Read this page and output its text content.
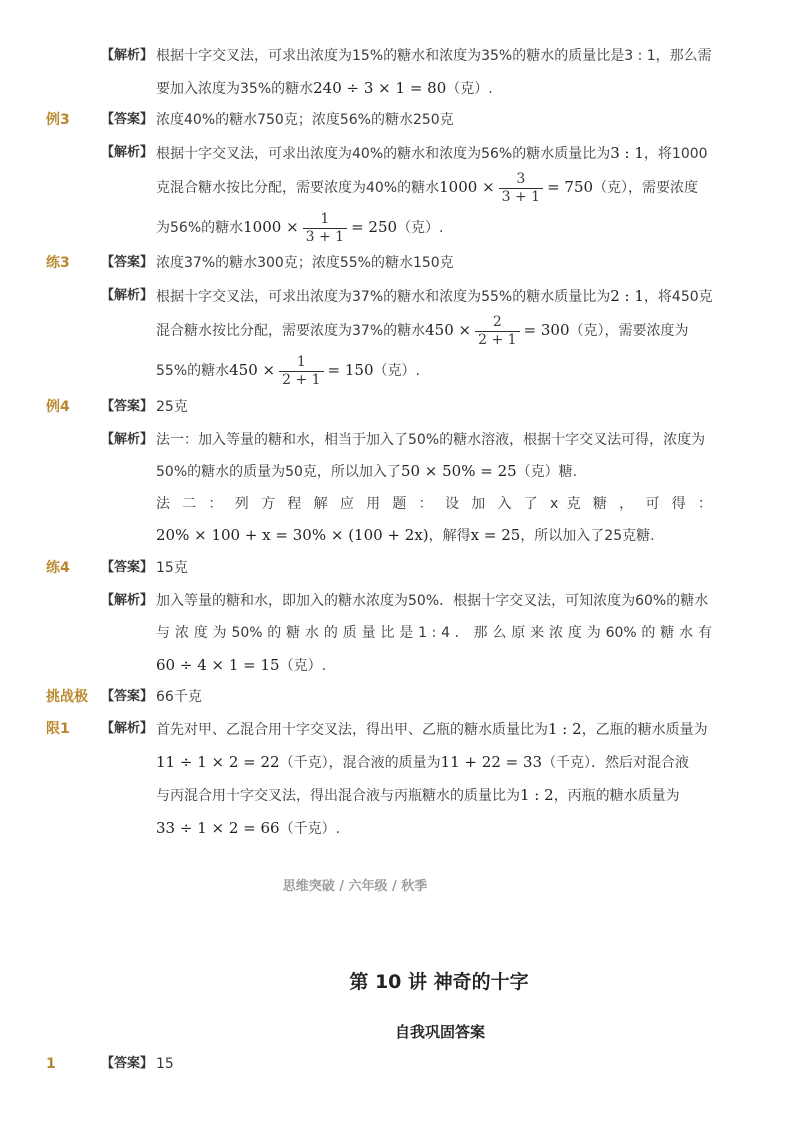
【解析】 根据十字交叉法，可求出浓度为15%的糖水和浓度为35%的糖水的质量比是3 : 1，那么需
要加入浓度为35%的糖水240 ÷ 3 × 1 = 80（克）.
例3 【答案】 浓度40%的糖水750克；浓度56%的糖水250克
【解析】 根据十字交叉法，可求出浓度为40%的糖水和浓度为56%的糖水质量比为3 : 1，将1000
克混合糖水按比分配，需要浓度为40%的糖水$1000 \times \frac{3}{3 + 1} = 750$（克），需要浓度
为56%的糖水$1000 \times \frac{1}{3 + 1} = 250$（克）.
练3 【答案】 浓度37%的糖水300克；浓度55%的糖水150克
【解析】 根据十字交叉法，可求出浓度为37%的糖水和浓度为55%的糖水质量比为2 : 1，将450克
混合糖水按比分配，需要浓度为37%的糖水$450 \times \frac{2}{2 + 1} = 300$（克），需要浓度为
55%的糖水$450 \times \frac{1}{2 + 1} = 150$（克）.
例4 【答案】 25克
【解析】 法一：加入等量的糖和水，相当于加入了50%的糖水溶液，根据十字交叉法可得，浓度为
50%的糖水的质量为50克，所以加入了50 × 50% = 25（克）糖.
法 二 ： 列 方 程 解 应 用 题 ： 设 加 入 了 x 克 糖 ， 可 得 ：
20% × 100 + x = 30% × (100 + 2x)，解得x = 25，所以加入了25克糖.
练4 【答案】 15克
【解析】 加入等量的糖和水，即加入的糖水浓度为50%．根据十字交叉法，可知浓度为60%的糖水
与 浓 度 为 50% 的 糖 水 的 质 量 比 是 1 : 4 ． 那 么 原 来 浓 度 为 60% 的 糖 水 有
60 ÷ 4 × 1 = 15（克）.
挑战极
限1
【答案】 66千克
【解析】 首先对甲、乙混合用十字交叉法，得出甲、乙瓶的糖水质量比为1 : 2，乙瓶的糖水质量为
11 ÷ 1 × 2 = 22（千克），混合液的质量为11 + 22 = 33（千克）．然后对混合液
与丙混合用十字交叉法，得出混合液与丙瓶糖水的质量比为1 : 2，丙瓶的糖水质量为
33 ÷ 1 × 2 = 66（千克）.
思维突破 / 六年级 / 秋季
第 10 讲 神奇的十字
自我巩固答案
1	【答案】 15
